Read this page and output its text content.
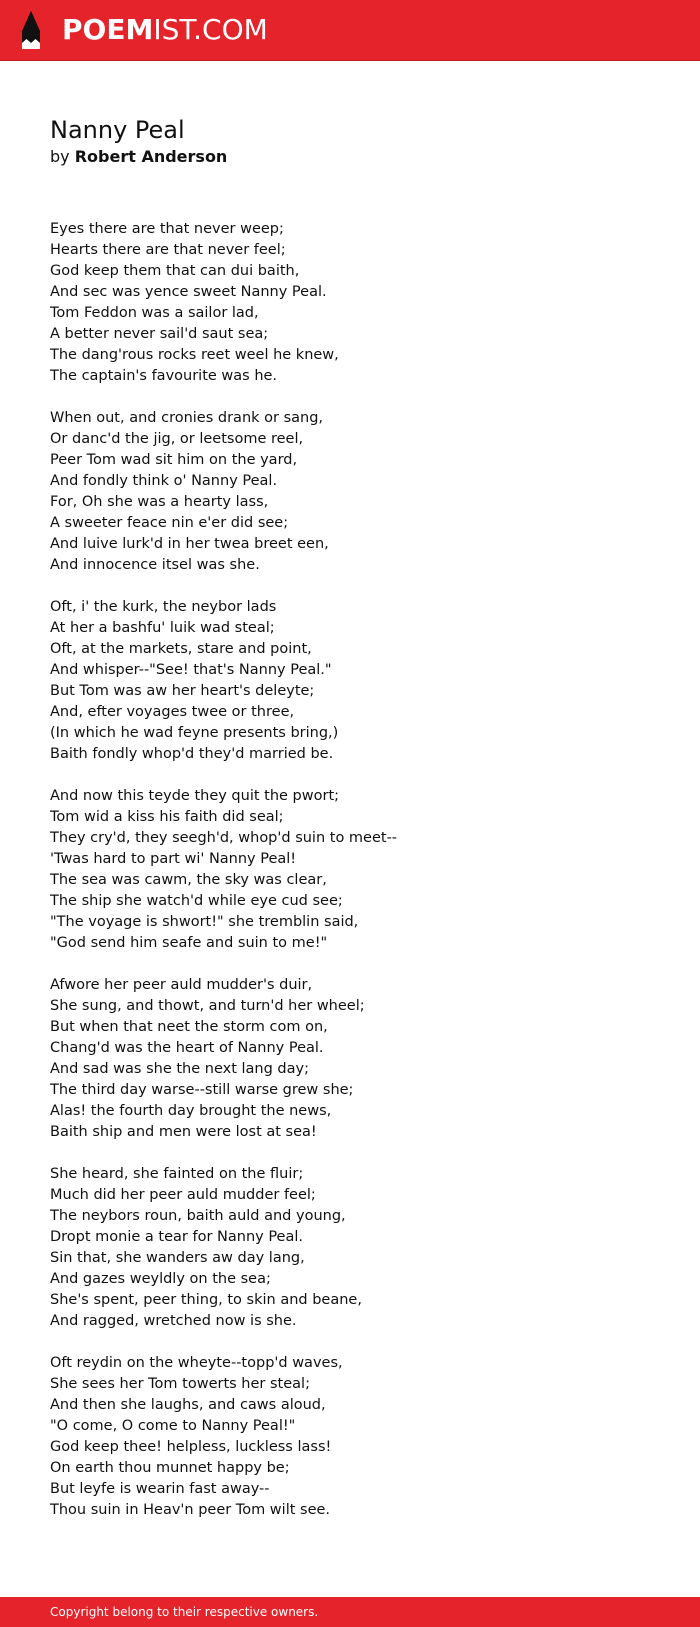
POEMIST.COM
Nanny Peal

by Robert Anderson

Eyes there are that never weep;
Hearts there are that never feel;
God keep them that can dui baith,
And sec was yence sweet Nanny Peal.
Tom Feddon was a sailor lad,
A better never sail'd saut sea;
The dang'rous rocks reet weel he knew,
The captain's favourite was he.
When out, and cronies drank or sang,
Or danc'd the jig, or leetsome reel,
Peer Tom wad sit him on the yard,
And fondly think o' Nanny Peal.
For, Oh she was a hearty lass,
A sweeter feace nin e'er did see;
And luive lurk'd in her twea breet een,
And innocence itsel was she.
Oft, i' the kurk, the neybor lads
At her a bashfu' luik wad steal;
Oft, at the markets, stare and point,
And whisper--"See! that's Nanny Peal."
But Tom was aw her heart's deleyte;
And, efter voyages twee or three,
(In which he wad feyne presents bring,)
Baith fondly whop'd they'd married be.
And now this teyde they quit the pwort;
Tom wid a kiss his faith did seal;
They cry'd, they seegh'd, whop'd suin to meet--
'Twas hard to part wi' Nanny Peal!
The sea was cawm, the sky was clear,
The ship she watch'd while eye cud see;
"The voyage is shwort!" she tremblin said,
"God send him seafe and suin to me!"
Afwore her peer auld mudder's duir,
She sung, and thowt, and turn'd her wheel;
But when that neet the storm com on,
Chang'd was the heart of Nanny Peal.
And sad was she the next lang day;
The third day warse--still warse grew she;
Alas! the fourth day brought the news,
Baith ship and men were lost at sea!
She heard, she fainted on the fluir;
Much did her peer auld mudder feel;
The neybors roun, baith auld and young,
Dropt monie a tear for Nanny Peal.
Sin that, she wanders aw day lang,
And gazes weyldly on the sea;
She's spent, peer thing, to skin and beane,
And ragged, wretched now is she.
Oft reydin on the wheyte--topp'd waves,
She sees her Tom towerts her steal;
And then she laughs, and caws aloud,
"O come, O come to Nanny Peal!"
God keep thee! helpless, luckless lass!
On earth thou munnet happy be;
But leyfe is wearin fast away--
Thou suin in Heav'n peer Tom wilt see.
Copyright belong to their respective owners.
